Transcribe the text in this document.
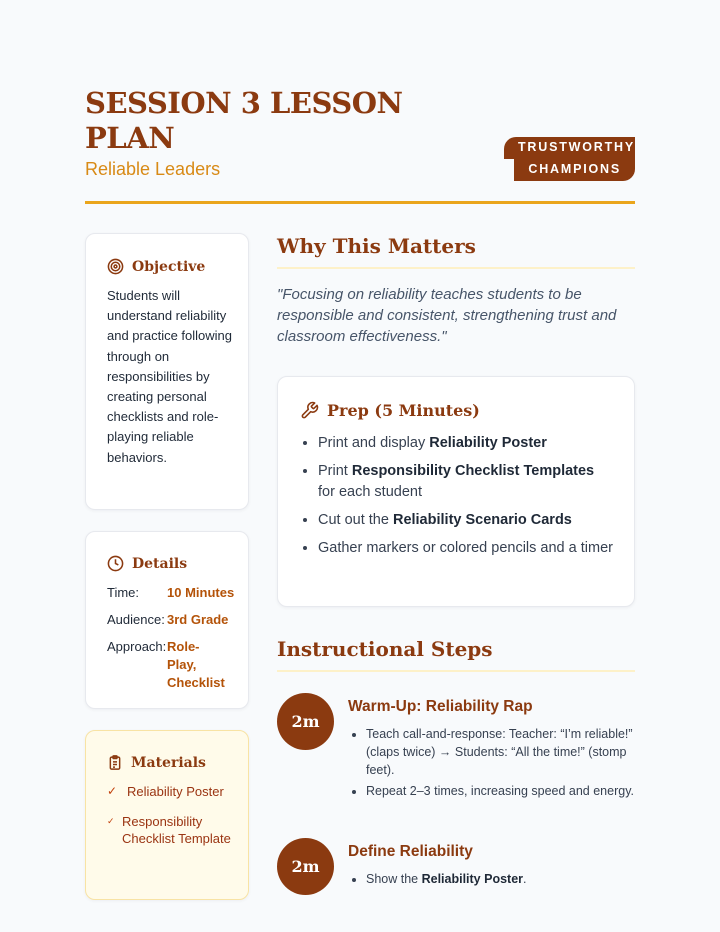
SESSION 3 LESSON PLAN
Reliable Leaders
TRUSTWORTHY
CHAMPIONS
Objective

Students will understand reliability and practice following through on responsibilities by creating personal checklists and role-playing reliable behaviors.

Details
Time:	10 Minutes
Audience: 3rd Grade
Approach: Role-Play, Checklist
Materials
✓ Reliability Poster
✓ Responsibility Checklist Template
Why This Matters
"Focusing on reliability teaches students to be responsible and consistent, strengthening trust and classroom effectiveness."
Prep (5 Minutes)
• Print and display Reliability Poster
• Print Responsibility Checklist Templates for each student
• Cut out the Reliability Scenario Cards
• Gather markers or colored pencils and a timer
Instructional Steps
2m
Warm-Up: Reliability Rap
• Teach call-and-response: Teacher: “I’m reliable!” (claps twice) → Students: “All the time!” (stomp feet).
• Repeat 2–3 times, increasing speed and energy.
2m
Define Reliability
• Show the Reliability Poster.
